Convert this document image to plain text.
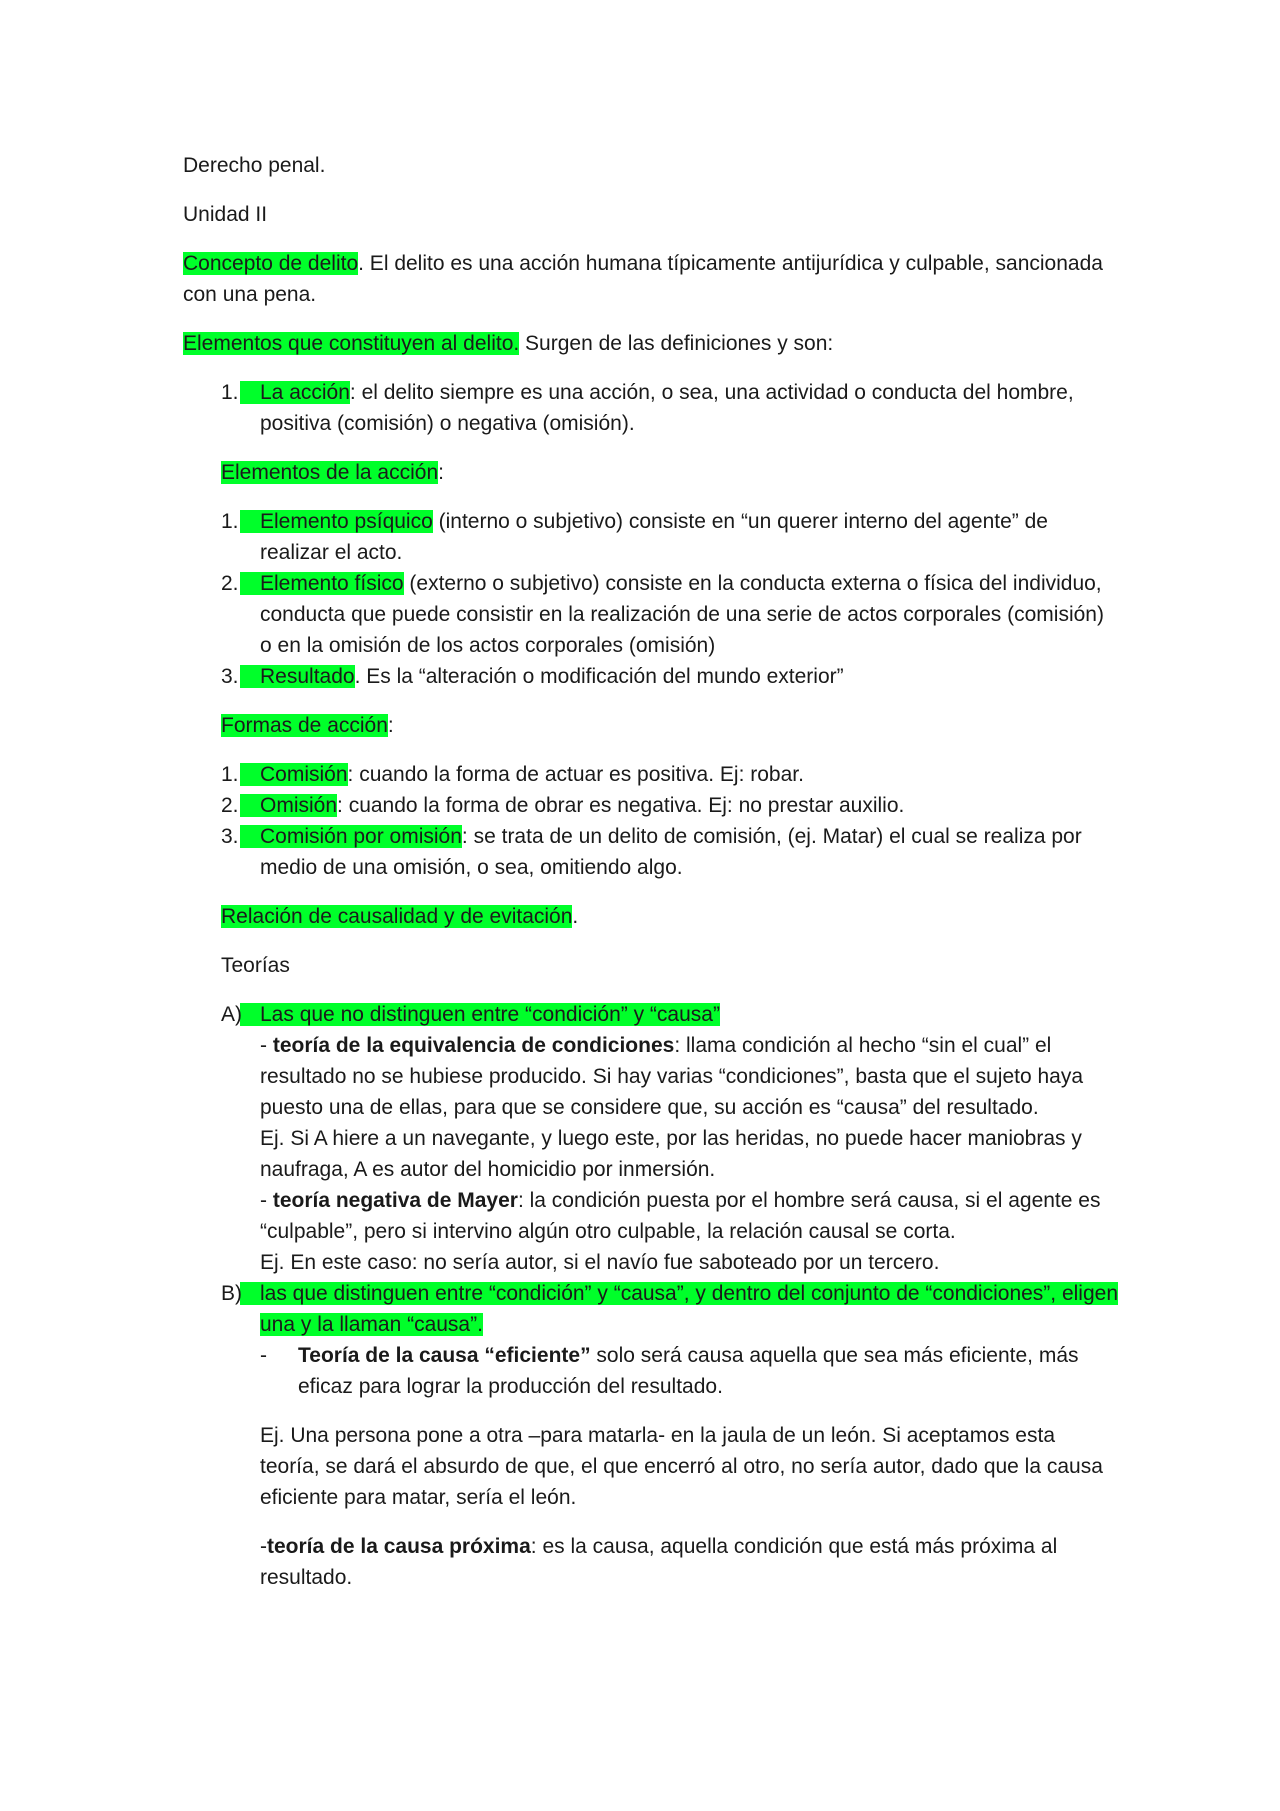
Derecho penal.

Unidad II

Concepto de delito. El delito es una acción humana típicamente antijurídica y culpable, sancionada con una pena.

Elementos que constituyen al delito. Surgen de las definiciones y son:

1. La acción: el delito siempre es una acción, o sea, una actividad o conducta del hombre, positiva (comisión) o negativa (omisión).

Elementos de la acción:

1. Elemento psíquico (interno o subjetivo) consiste en “un querer interno del agente” de realizar el acto.
2. Elemento físico (externo o subjetivo) consiste en la conducta externa o física del individuo, conducta que puede consistir en la realización de una serie de actos corporales (comisión) o en la omisión de los actos corporales (omisión)
3. Resultado. Es la “alteración o modificación del mundo exterior”

Formas de acción:

1. Comisión: cuando la forma de actuar es positiva. Ej: robar.
2. Omisión: cuando la forma de obrar es negativa. Ej: no prestar auxilio.
3. Comisión por omisión: se trata de un delito de comisión, (ej. Matar) el cual se realiza por medio de una omisión, o sea, omitiendo algo.

Relación de causalidad y de evitación.

Teorías

A) Las que no distinguen entre “condición” y “causa”
- teoría de la equivalencia de condiciones: llama condición al hecho “sin el cual” el resultado no se hubiese producido. Si hay varias “condiciones”, basta que el sujeto haya puesto una de ellas, para que se considere que, su acción es “causa” del resultado.
Ej. Si A hiere a un navegante, y luego este, por las heridas, no puede hacer maniobras y naufraga, A es autor del homicidio por inmersión.
- teoría negativa de Mayer: la condición puesta por el hombre será causa, si el agente es “culpable”, pero si intervino algún otro culpable, la relación causal se corta.
Ej. En este caso: no sería autor, si el navío fue saboteado por un tercero.
B) las que distinguen entre “condición” y “causa”, y dentro del conjunto de “condiciones”, eligen una y la llaman “causa”.
- Teoría de la causa “eficiente” solo será causa aquella que sea más eficiente, más eficaz para lograr la producción del resultado.

Ej. Una persona pone a otra –para matarla- en la jaula de un león. Si aceptamos esta teoría, se dará el absurdo de que, el que encerró al otro, no sería autor, dado que la causa eficiente para matar, sería el león.

-teoría de la causa próxima: es la causa, aquella condición que está más próxima al resultado.
